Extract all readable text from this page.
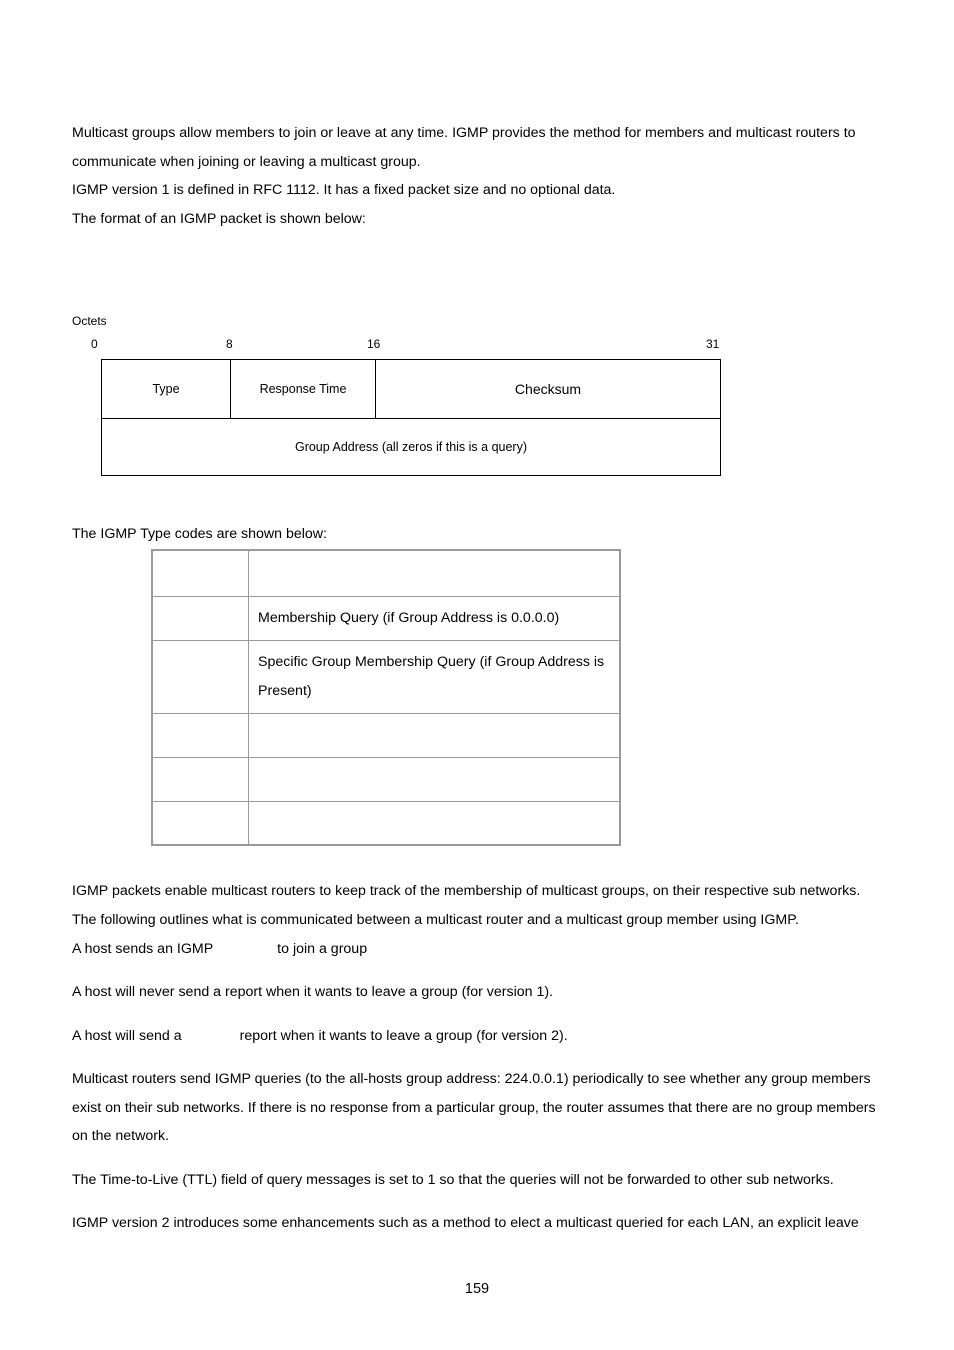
Multicast groups allow members to join or leave at any time. IGMP provides the method for members and multicast routers to communicate when joining or leaving a multicast group.

IGMP version 1 is defined in RFC 1112. It has a fixed packet size and no optional data.

The format of an IGMP packet is shown below:

Octets
0	8	16	31
Type	Response Time	Checksum
Group Address (all zeros if this is a query)

The IGMP Type codes are shown below:

	Membership Query (if Group Address is 0.0.0.0)
	Specific Group Membership Query (if Group Address is Present)

IGMP packets enable multicast routers to keep track of the membership of multicast groups, on their respective sub networks.

The following outlines what is communicated between a multicast router and a multicast group member using IGMP.

A host sends an IGMP	to join a group

A host will never send a report when it wants to leave a group (for version 1).

A host will send a	report when it wants to leave a group (for version 2).

Multicast routers send IGMP queries (to the all-hosts group address: 224.0.0.1) periodically to see whether any group members exist on their sub networks. If there is no response from a particular group, the router assumes that there are no group members on the network.

The Time-to-Live (TTL) field of query messages is set to 1 so that the queries will not be forwarded to other sub networks.

IGMP version 2 introduces some enhancements such as a method to elect a multicast queried for each LAN, an explicit leave

159
